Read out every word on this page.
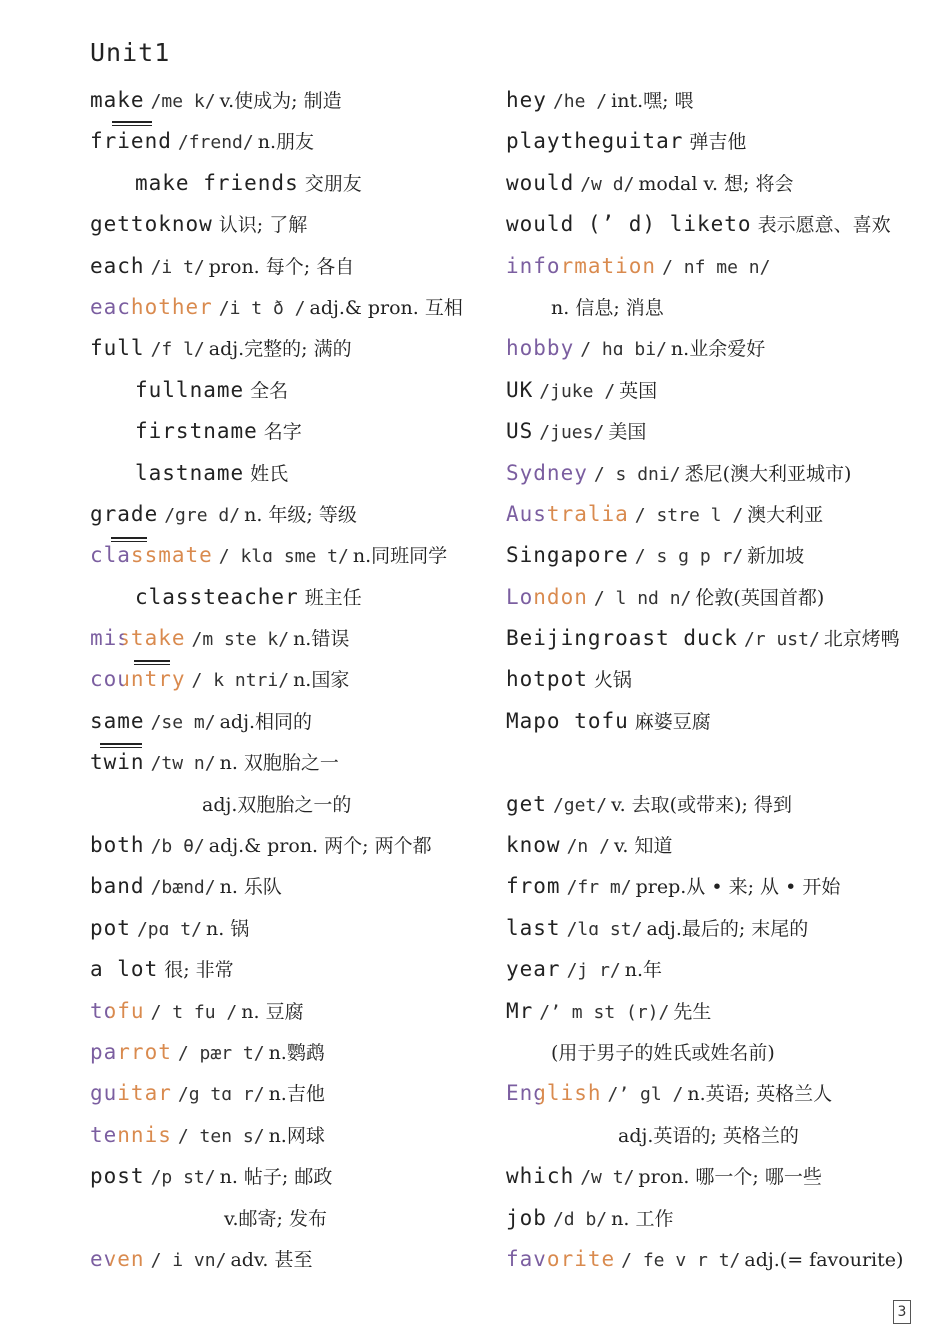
Unit1
make /me k/ v.使成为; 制造
friend /frend/ n.朋友
make friends 交朋友
gettoknow 认识; 了解
each /i t/ pron. 每个; 各自
eachother /i t ð / adj.& pron. 互相
full /f l/ adj.完整的; 满的
fullname 全名
firstname 名字
lastname 姓氏
grade /gre d/ n. 年级; 等级
classmate / klɑ sme t/ n.同班同学
classteacher 班主任
mistake /m ste k/ n.错误
country / k ntri/ n.国家
same /se m/ adj.相同的
twin /tw n/ n. 双胞胎之一
adj.双胞胎之一的
both /b θ/ adj.& pron. 两个; 两个都
band /bænd/ n. 乐队
pot /pɑ t/ n. 锅
a lot 很; 非常
tofu / t fu / n. 豆腐
parrot / pær t/ n.鹦鹉
guitar /g tɑ r/ n.吉他
tennis / ten s/ n.网球
post /p st/ n. 帖子; 邮政
v.邮寄; 发布
even / i vn/ adv. 甚至
hey /he / int.嘿; 喂
playtheguitar 弹吉他
would /w d/ modal v. 想; 将会
would (’ d) liketo 表示愿意、喜欢
information / nf me n/
n. 信息; 消息
hobby / hɑ bi/ n.业余爱好
UK /juke / 英国
US /jues/ 美国
Sydney / s dni/ 悉尼(澳大利亚城市)
Australia / stre l / 澳大利亚
Singapore / s g p r/ 新加坡
London / l nd n/ 伦敦(英国首都)
Beijingroast duck /r ust/ 北京烤鸭
hotpot 火锅
Mapo tofu 麻婆豆腐
get /get/ v. 去取(或带来); 得到
know /n / v. 知道
from /fr m/ prep.从 • 来; 从 • 开始
last /lɑ st/ adj.最后的; 末尾的
year /j r/ n.年
Mr /’ m st (r)/ 先生
(用于男子的姓氏或姓名前)
English /’ gl / n.英语; 英格兰人
adj.英语的; 英格兰的
which /w t/ pron. 哪一个; 哪一些
job /d b/ n. 工作
favorite / fe v r t/ adj.(= favourite)
3
